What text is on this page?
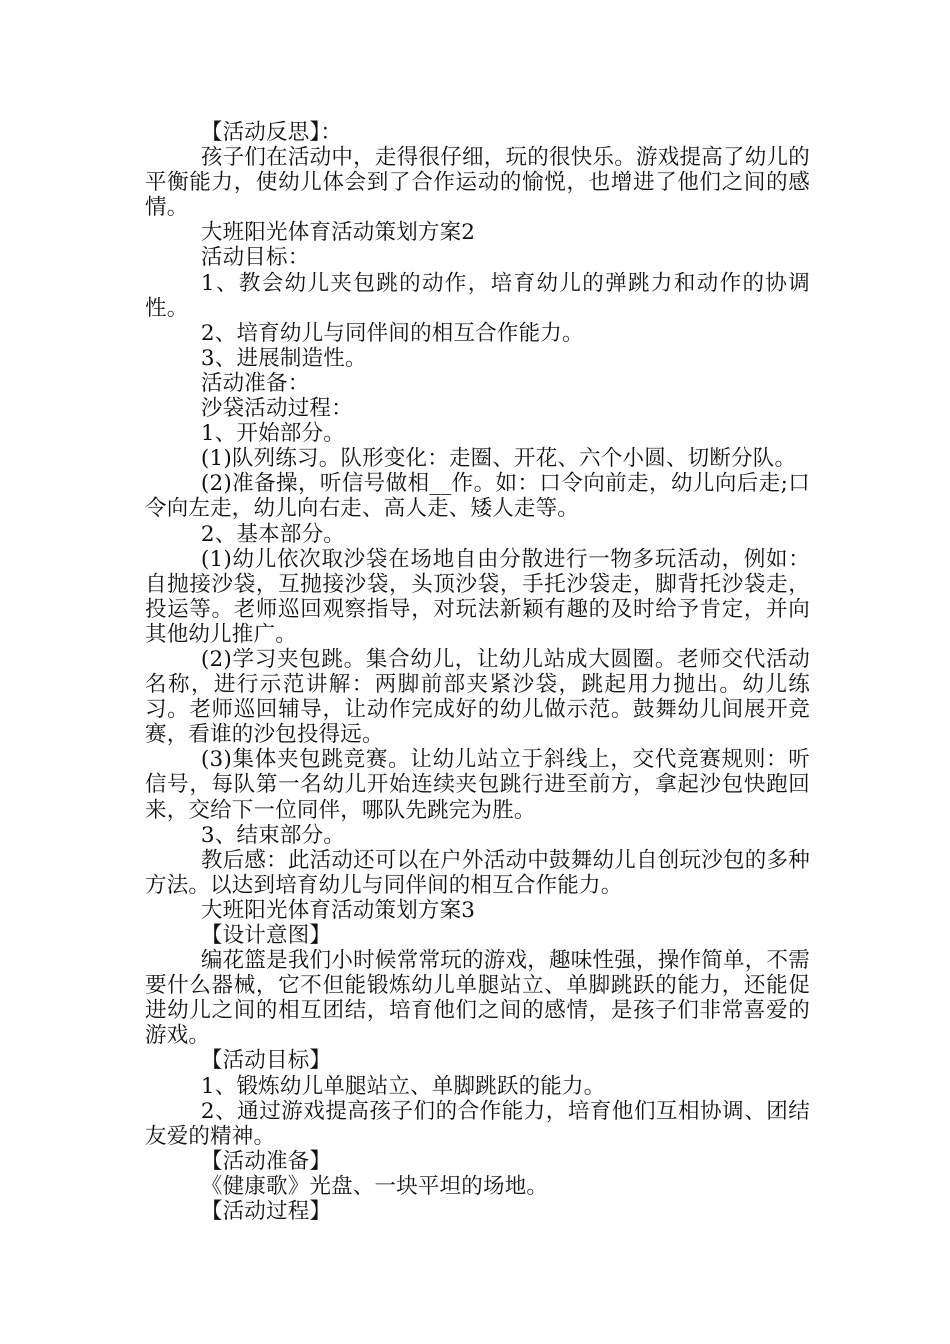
【活动反思】：

孩子们在活动中，走得很仔细，玩的很快乐。游戏提高了幼儿的平衡能力，使幼儿体会到了合作运动的愉悦，也增进了他们之间的感情。

大班阳光体育活动策划方案2

活动目标：

1、教会幼儿夹包跳的动作，培育幼儿的弹跳力和动作的协调性。

2、培育幼儿与同伴间的相互合作能力。

3、进展制造性。

活动准备：

沙袋活动过程：

1、开始部分。

(1)队列练习。队形变化：走圈、开花、六个小圆、切断分队。

(2)准备操，听信号做相__作。如：口令向前走，幼儿向后走;口令向左走，幼儿向右走、高人走、矮人走等。

2、基本部分。

(1)幼儿依次取沙袋在场地自由分散进行一物多玩活动，例如：自抛接沙袋，互抛接沙袋，头顶沙袋，手托沙袋走，脚背托沙袋走，投运等。老师巡回观察指导，对玩法新颖有趣的及时给予肯定，并向其他幼儿推广。

(2)学习夹包跳。集合幼儿，让幼儿站成大圆圈。老师交代活动名称，进行示范讲解：两脚前部夹紧沙袋，跳起用力抛出。幼儿练习。老师巡回辅导，让动作完成好的幼儿做示范。鼓舞幼儿间展开竞赛，看谁的沙包投得远。

(3)集体夹包跳竞赛。让幼儿站立于斜线上，交代竞赛规则：听信号，每队第一名幼儿开始连续夹包跳行进至前方，拿起沙包快跑回来，交给下一位同伴，哪队先跳完为胜。

3、结束部分。

教后感：此活动还可以在户外活动中鼓舞幼儿自创玩沙包的多种方法。以达到培育幼儿与同伴间的相互合作能力。

大班阳光体育活动策划方案3

【设计意图】

编花篮是我们小时候常常玩的游戏，趣味性强，操作简单，不需要什么器械，它不但能锻炼幼儿单腿站立、单脚跳跃的能力，还能促进幼儿之间的相互团结，培育他们之间的感情，是孩子们非常喜爱的游戏。

【活动目标】

1、锻炼幼儿单腿站立、单脚跳跃的能力。

2、通过游戏提高孩子们的合作能力，培育他们互相协调、团结友爱的精神。

【活动准备】

《健康歌》光盘、一块平坦的场地。

【活动过程】
